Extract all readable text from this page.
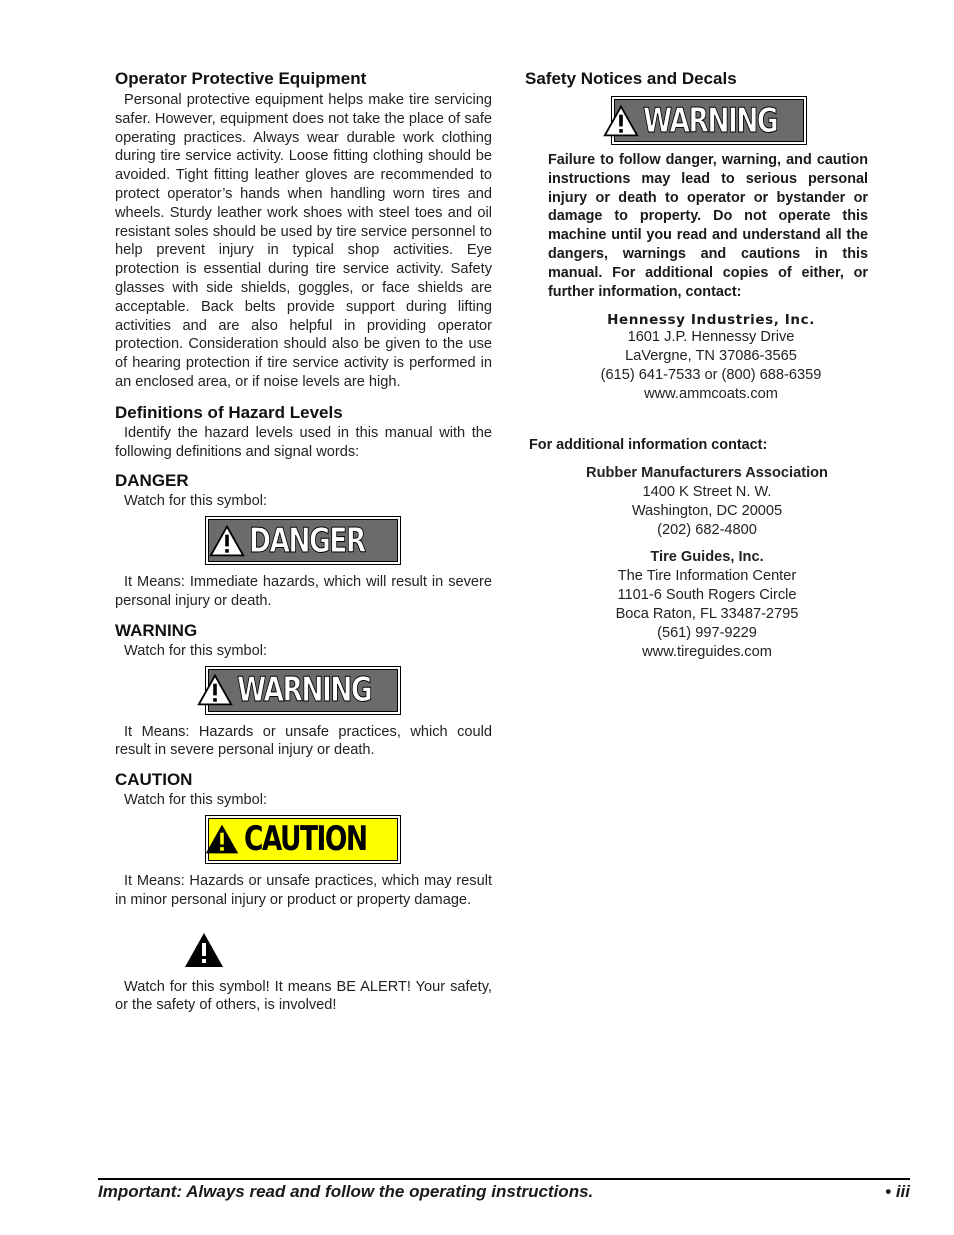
Operator Protective Equipment

Personal protective equipment helps make tire servicing safer. However, equipment does not take the place of safe operating practices. Always wear durable work clothing during tire service activity. Loose fitting clothing should be avoided. Tight fitting leather gloves are recommended to protect operator’s hands when handling worn tires and wheels. Sturdy leather work shoes with steel toes and oil resistant soles should be used by tire service personnel to help prevent injury in typical shop activities. Eye protection is essential during tire service activity. Safety glasses with side shields, goggles, or face shields are acceptable. Back belts provide support during lifting activities and are also helpful in providing operator protection. Consideration should also be given to the use of hearing protection if tire service activity is performed in an enclosed area, or if noise levels are high.

Definitions of Hazard Levels

Identify the hazard levels used in this manual with the following definitions and signal words:

DANGER

Watch for this symbol:

DANGER

It Means: Immediate hazards, which will result in severe personal injury or death.

WARNING

Watch for this symbol:

WARNING

It Means: Hazards or unsafe practices, which could result in severe personal injury or death.

CAUTION

Watch for this symbol:

CAUTION

It Means: Hazards or unsafe practices, which may result in minor personal injury or product or property damage.

Watch for this symbol! It means BE ALERT! Your safety, or the safety of others, is involved!

Safety Notices and Decals
WARNING

Failure to follow danger, warning, and caution instructions may lead to serious personal injury or death to operator or bystander or damage to property. Do not operate this machine until you read and understand all the dangers, warnings and cautions in this manual. For additional copies of either, or further information, contact:

Hennessy Industries, Inc.
1601 J.P. Hennessy Drive
LaVergne, TN 37086-3565
(615) 641-7533 or (800) 688-6359
www.ammcoats.com
For additional information contact:
Rubber Manufacturers Association
1400 K Street N. W.
Washington, DC 20005
(202) 682-4800
Tire Guides, Inc.
The Tire Information Center
1101-6 South Rogers Circle
Boca Raton, FL 33487-2795
(561) 997-9229
www.tireguides.com
Important: Always read and follow the operating instructions.	• iii
